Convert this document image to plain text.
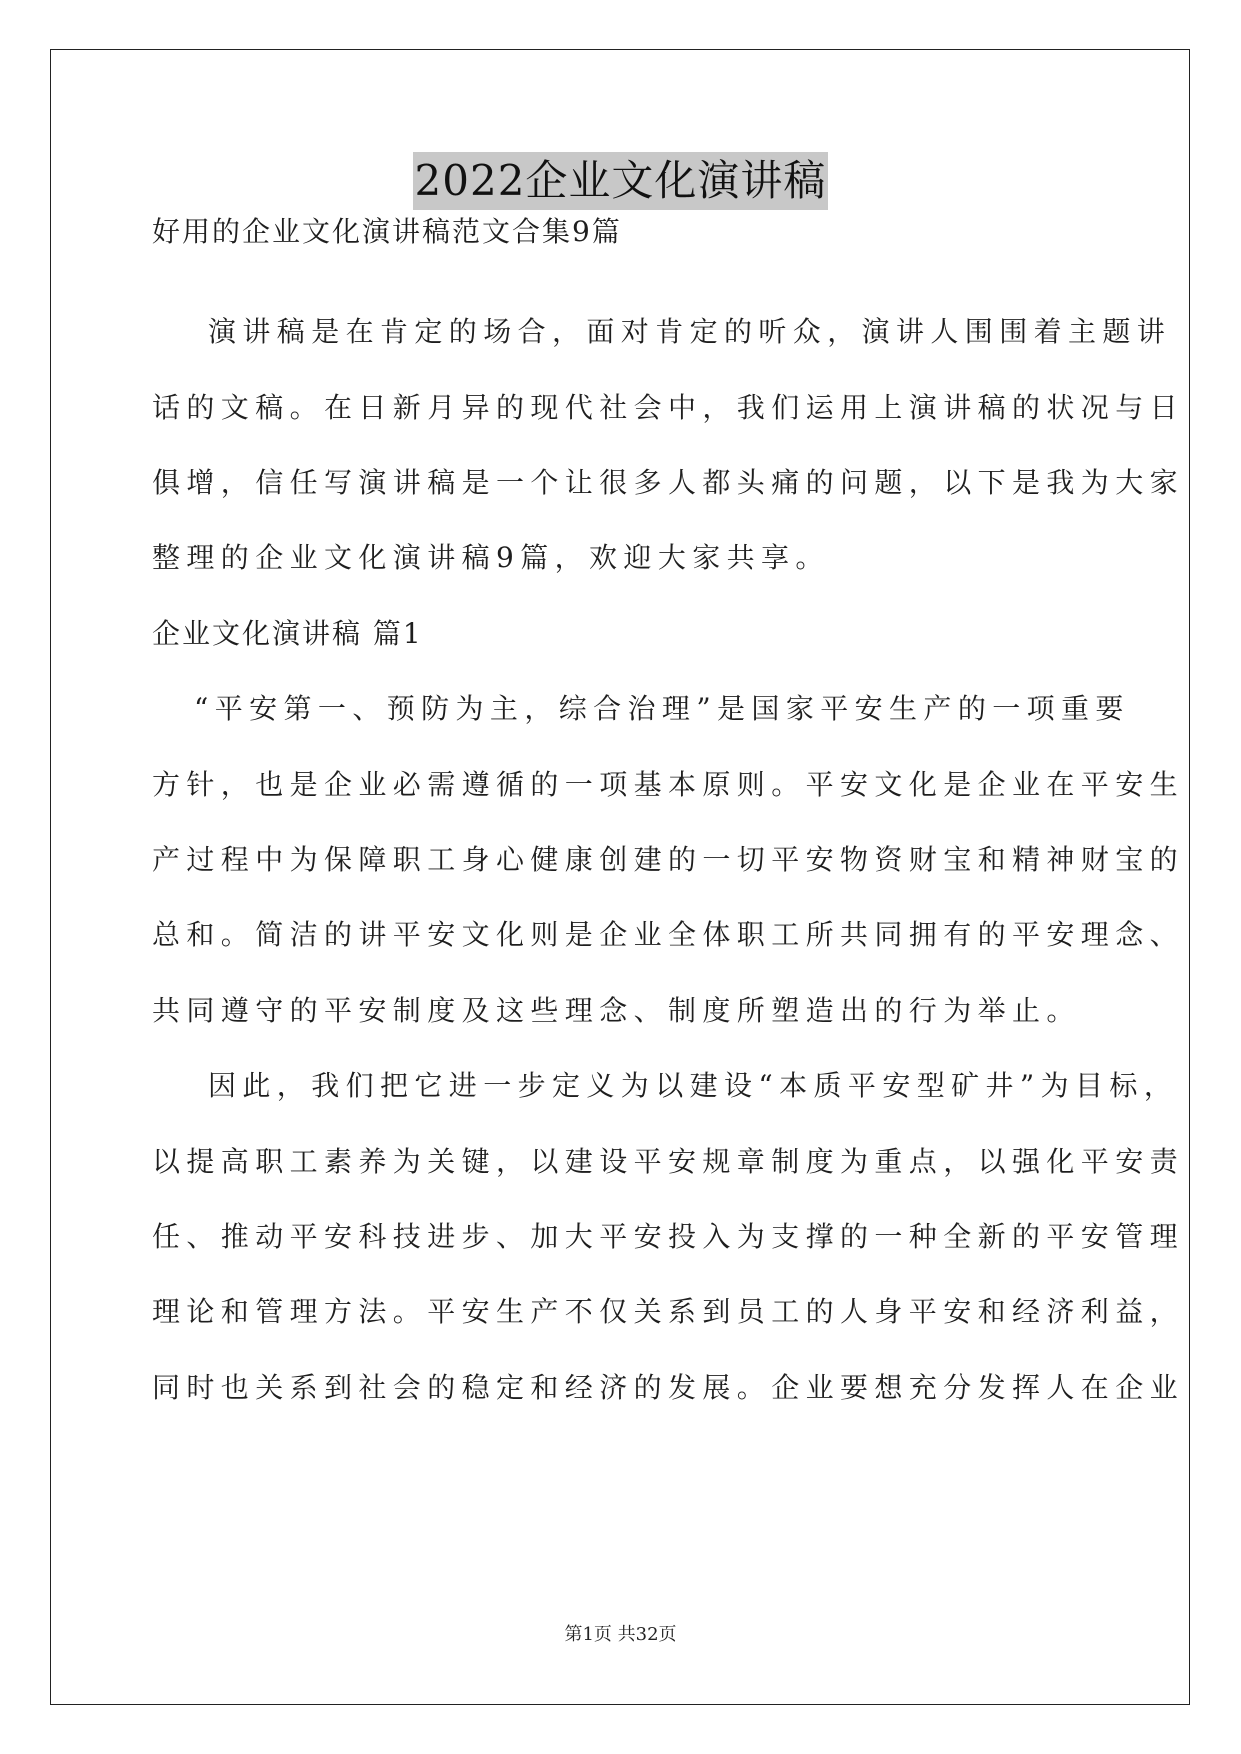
2022企业文化演讲稿
好用的企业文化演讲稿范文合集9篇
演讲稿是在肯定的场合，面对肯定的听众，演讲人围围着主题讲
话的文稿。在日新月异的现代社会中，我们运用上演讲稿的状况与日
俱增，信任写演讲稿是一个让很多人都头痛的问题，以下是我为大家
整理的企业文化演讲稿9篇，欢迎大家共享。
企业文化演讲稿 篇1
“平安第一、预防为主，综合治理”是国家平安生产的一项重要
方针，也是企业必需遵循的一项基本原则。平安文化是企业在平安生
产过程中为保障职工身心健康创建的一切平安物资财宝和精神财宝的
总和。简洁的讲平安文化则是企业全体职工所共同拥有的平安理念、
共同遵守的平安制度及这些理念、制度所塑造出的行为举止。
因此，我们把它进一步定义为以建设“本质平安型矿井”为目标，
以提高职工素养为关键，以建设平安规章制度为重点，以强化平安责
任、推动平安科技进步、加大平安投入为支撑的一种全新的平安管理
理论和管理方法。平安生产不仅关系到员工的人身平安和经济利益，
同时也关系到社会的稳定和经济的发展。企业要想充分发挥人在企业
第1页 共32页
